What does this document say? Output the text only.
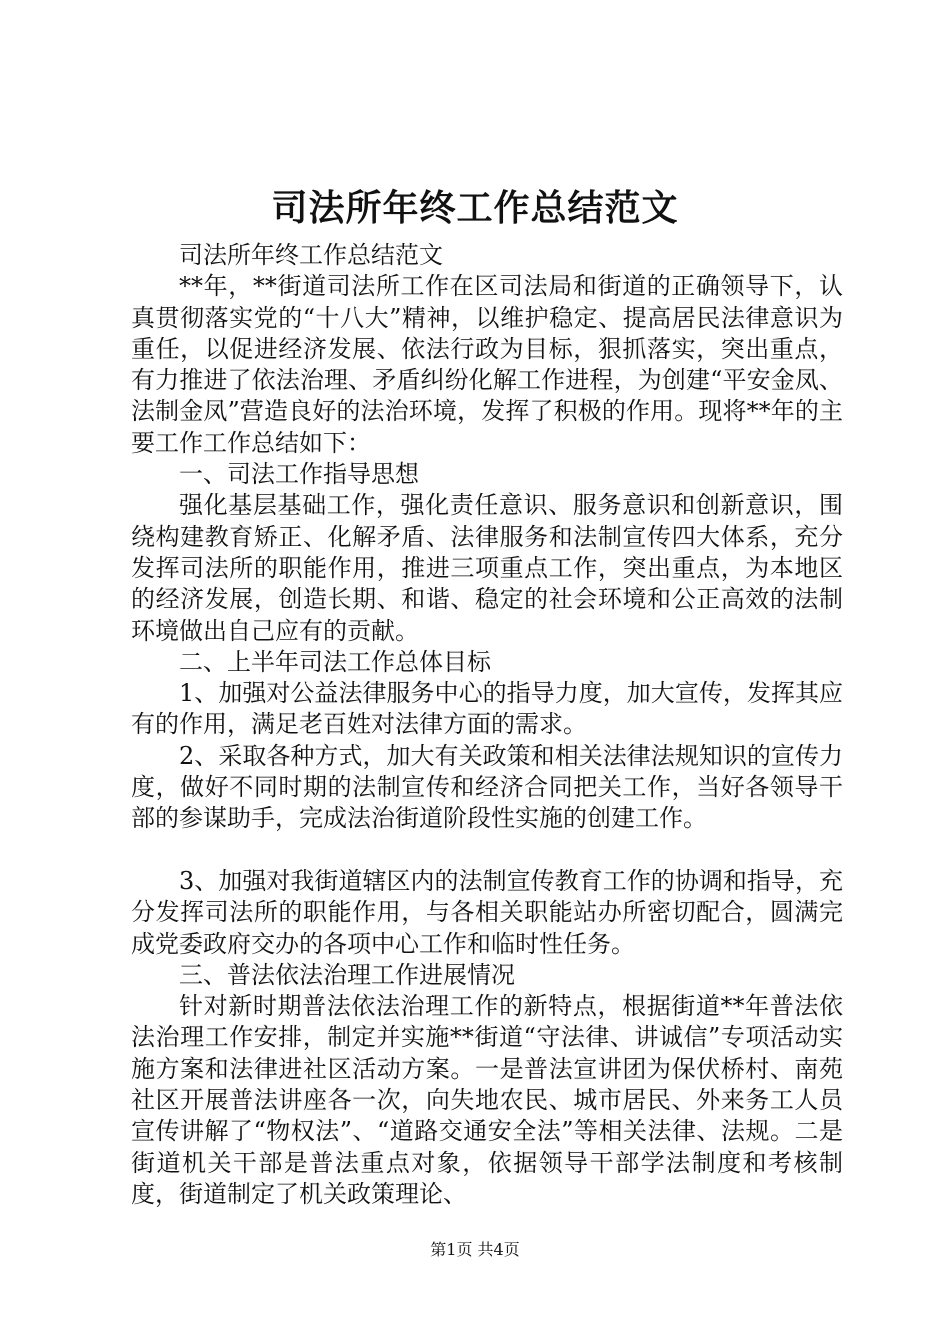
司法所年终工作总结范文

司法所年终工作总结范文

**年，**街道司法所工作在区司法局和街道的正确领导下，认真贯彻落实党的“十八大”精神，以维护稳定、提高居民法律意识为重任，以促进经济发展、依法行政为目标，狠抓落实，突出重点，有力推进了依法治理、矛盾纠纷化解工作进程，为创建“平安金凤、法制金凤”营造良好的法治环境，发挥了积极的作用。现将**年的主要工作工作总结如下：

一、司法工作指导思想

强化基层基础工作，强化责任意识、服务意识和创新意识，围绕构建教育矫正、化解矛盾、法律服务和法制宣传四大体系，充分发挥司法所的职能作用，推进三项重点工作，突出重点，为本地区的经济发展，创造长期、和谐、稳定的社会环境和公正高效的法制环境做出自己应有的贡献。

二、上半年司法工作总体目标

1、加强对公益法律服务中心的指导力度，加大宣传，发挥其应有的作用，满足老百姓对法律方面的需求。

2、采取各种方式，加大有关政策和相关法律法规知识的宣传力度，做好不同时期的法制宣传和经济合同把关工作，当好各领导干部的参谋助手，完成法治街道阶段性实施的创建工作。

3、加强对我街道辖区内的法制宣传教育工作的协调和指导，充分发挥司法所的职能作用，与各相关职能站办所密切配合，圆满完成党委政府交办的各项中心工作和临时性任务。

三、普法依法治理工作进展情况

针对新时期普法依法治理工作的新特点，根据街道**年普法依法治理工作安排，制定并实施**街道“守法律、讲诚信”专项活动实施方案和法律进社区活动方案。一是普法宣讲团为保伏桥村、南苑社区开展普法讲座各一次，向失地农民、城市居民、外来务工人员宣传讲解了“物权法”、“道路交通安全法”等相关法律、法规。二是街道机关干部是普法重点对象，依据领导干部学法制度和考核制度，街道制定了机关政策理论、

第1页 共4页
